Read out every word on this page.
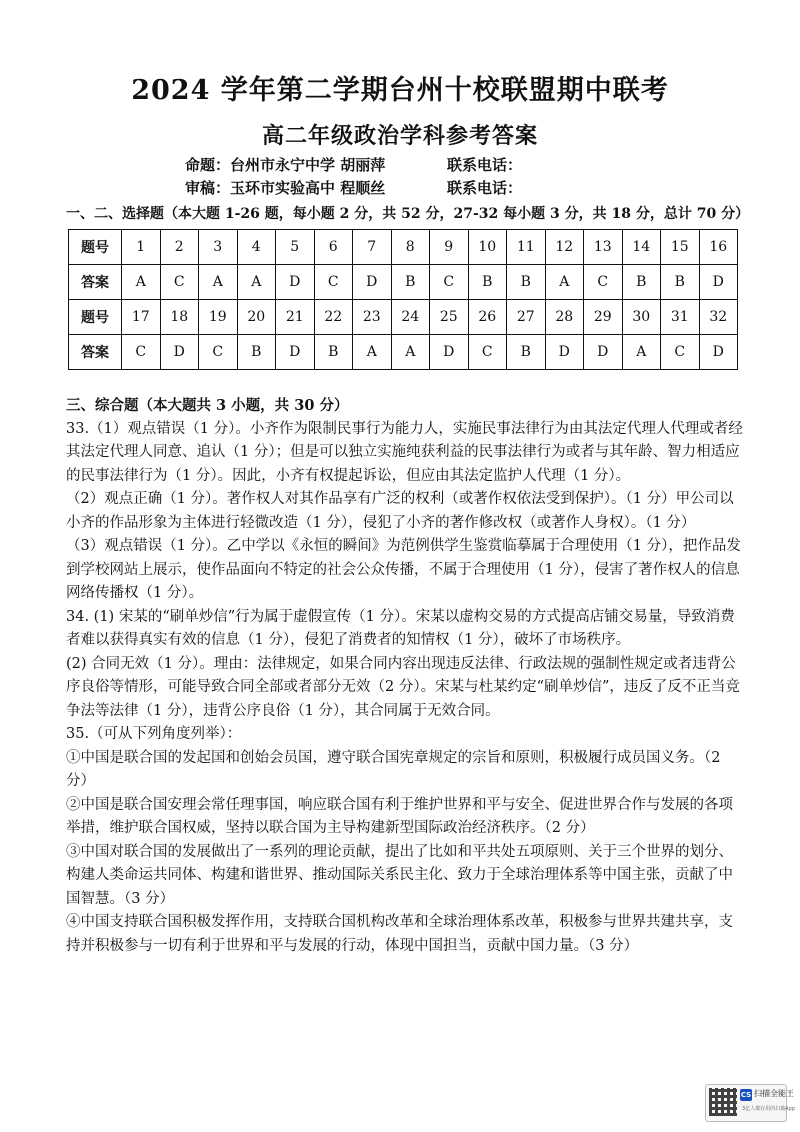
2024 学年第二学期台州十校联盟期中联考
高二年级政治学科参考答案
命题：台州市永宁中学 胡丽萍	联系电话：
审稿：玉环市实验高中 程顺丝	联系电话：
一、二、选择题（本大题 1-26 题，每小题 2 分，共 52 分，27-32 每小题 3 分，共 18 分，总计 70 分）
题号	1	2	3	4	5	6	7	8	9	10	11	12	13	14	15	16
答案	A	C	A	A	D	C	D	B	C	B	B	A	C	B	B	D
题号	17	18	19	20	21	22	23	24	25	26	27	28	29	30	31	32
答案	C	D	C	B	D	B	A	A	D	C	B	D	D	A	C	D

三、综合题（本大题共 3 小题，共 30 分）

33.（1）观点错误（1 分）。小齐作为限制民事行为能力人，实施民事法律行为由其法定代理人代理或者经其法定代理人同意、追认（1 分）；但是可以独立实施纯获利益的民事法律行为或者与其年龄、智力相适应的民事法律行为（1 分）。因此，小齐有权提起诉讼，但应由其法定监护人代理（1 分）。

（2）观点正确（1 分）。著作权人对其作品享有广泛的权利（或著作权依法受到保护）。（1 分）甲公司以小齐的作品形象为主体进行轻微改造（1 分），侵犯了小齐的著作修改权（或著作人身权）。（1 分）

（3）观点错误（1 分）。乙中学以《永恒的瞬间》为范例供学生鉴赏临摹属于合理使用（1 分），把作品发到学校网站上展示，使作品面向不特定的社会公众传播，不属于合理使用（1 分），侵害了著作权人的信息网络传播权（1 分）。

34. (1) 宋某的“刷单炒信”行为属于虚假宣传（1 分）。宋某以虚构交易的方式提高店铺交易量，导致消费者难以获得真实有效的信息（1 分），侵犯了消费者的知情权（1 分），破坏了市场秩序。

(2) 合同无效（1 分）。理由：法律规定，如果合同内容出现违反法律、行政法规的强制性规定或者违背公序良俗等情形，可能导致合同全部或者部分无效（2 分）。宋某与杜某约定“刷单炒信”，违反了反不正当竞争法等法律（1 分），违背公序良俗（1 分），其合同属于无效合同。

35.（可从下列角度列举）：

①中国是联合国的发起国和创始会员国，遵守联合国宪章规定的宗旨和原则，积极履行成员国义务。（2 分）

②中国是联合国安理会常任理事国，响应联合国有利于维护世界和平与安全、促进世界合作与发展的各项举措，维护联合国权威，坚持以联合国为主导构建新型国际政治经济秩序。（2 分）

③中国对联合国的发展做出了一系列的理论贡献，提出了比如和平共处五项原则、关于三个世界的划分、构建人类命运共同体、构建和谐世界、推动国际关系民主化、致力于全球治理体系等中国主张，贡献了中国智慧。（3 分）

④中国支持联合国积极发挥作用，支持联合国机构改革和全球治理体系改革，积极参与世界共建共享，支持并积极参与一切有利于世界和平与发展的行动，体现中国担当，贡献中国力量。（3 分）

CS 扫描全能王
3亿人都在用的扫描App
